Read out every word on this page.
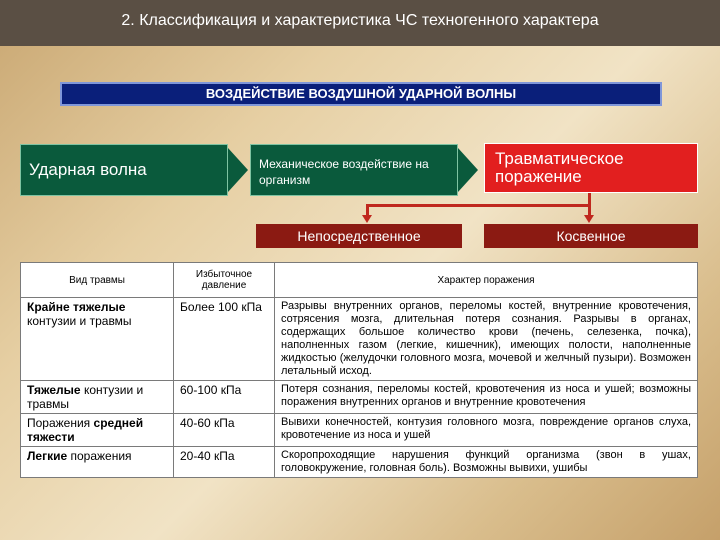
2. Классификация и характеристика ЧС техногенного характера
ВОЗДЕЙСТВИЕ ВОЗДУШНОЙ УДАРНОЙ ВОЛНЫ
Ударная волна	Механическое воздействие на организм
Травматическое поражение
Непосредственное	Косвенное
Вид травмы	Избыточное давление	Характер поражения
Крайне тяжелые контузии и травмы	Более 100 кПа	Разрывы внутренних органов, переломы костей, внутренние кровотечения, сотрясения мозга, длительная потеря сознания. Разрывы в органах, содержащих большое количество крови (печень, селезенка, почка), наполненных газом (легкие, кишечник), имеющих полости, наполненные жидкостью (желудочки головного мозга, мочевой и желчный пузыри). Возможен летальный исход.
Тяжелые контузии и травмы	60-100 кПа	Потеря сознания, переломы костей, кровотечения из носа и ушей; возможны поражения внутренних органов и внутренние кровотечения
Поражения средней тяжести	40-60 кПа	Вывихи конечностей, контузия головного мозга, повреждение органов слуха, кровотечение из носа и ушей
Легкие поражения	20-40 кПа	Скоропроходящие нарушения функций организма (звон в ушах, головокружение, головная боль). Возможны вывихи, ушибы
